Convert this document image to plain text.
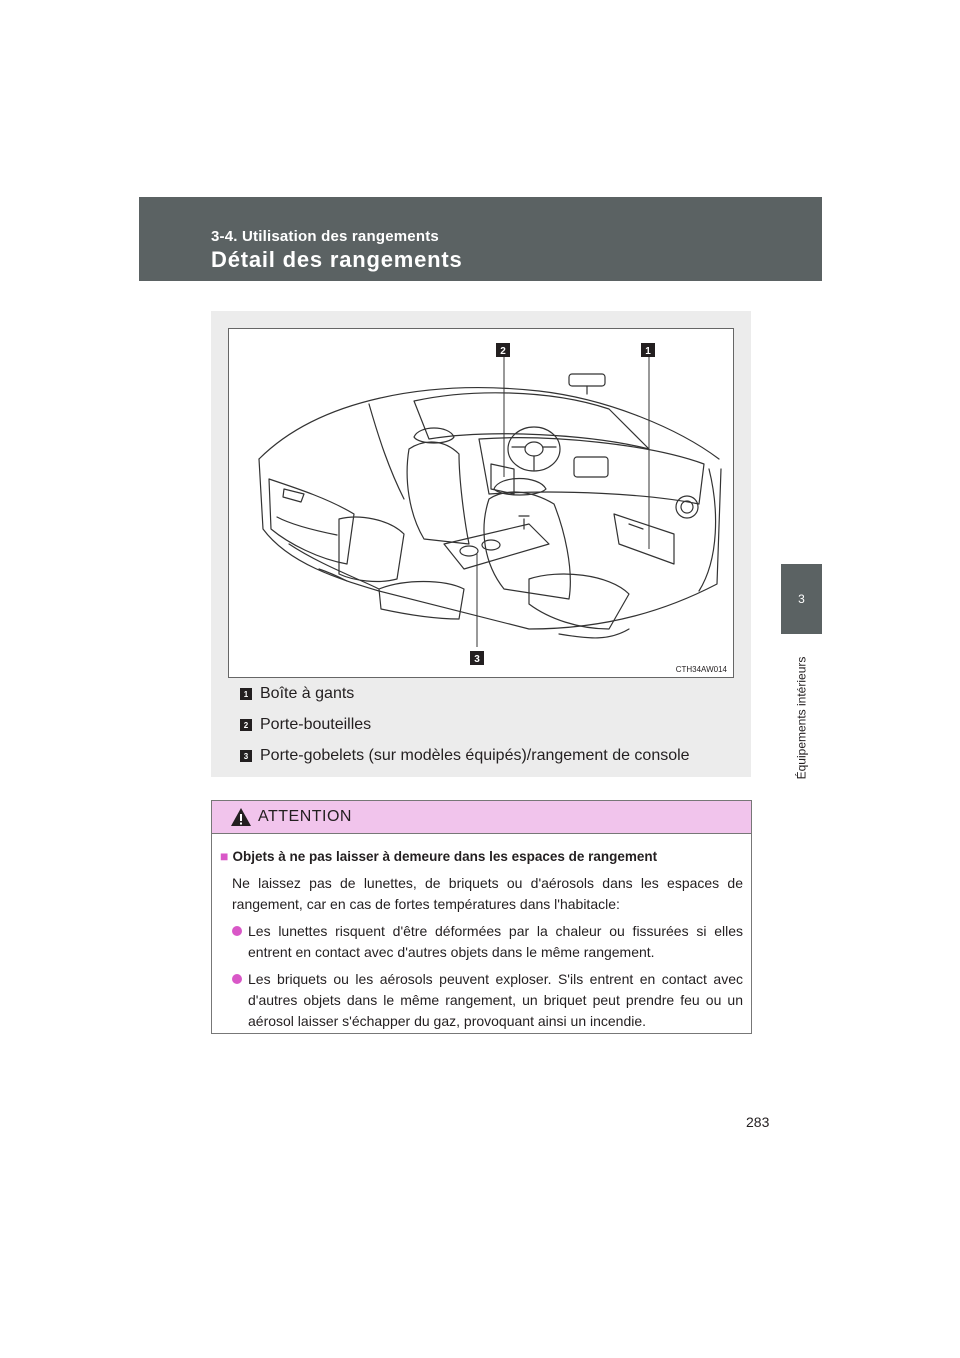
3-4. Utilisation des rangements
Détail des rangements
3
Équipements intérieurs
2	1
3
CTH34AW014
1 Boîte à gants
2 Porte-bouteilles
3 Porte-gobelets (sur modèles équipés)/rangement de console
ATTENTION
■ Objets à ne pas laisser à demeure dans les espaces de rangement
Ne laissez pas de lunettes, de briquets ou d'aérosols dans les espaces de rangement, car en cas de fortes températures dans l'habitacle:
Les lunettes risquent d'être déformées par la chaleur ou fissurées si elles entrent en contact avec d'autres objets dans le même rangement.
Les briquets ou les aérosols peuvent exploser. S'ils entrent en contact avec d'autres objets dans le même rangement, un briquet peut prendre feu ou un aérosol laisser s'échapper du gaz, provoquant ainsi un incendie.
283
